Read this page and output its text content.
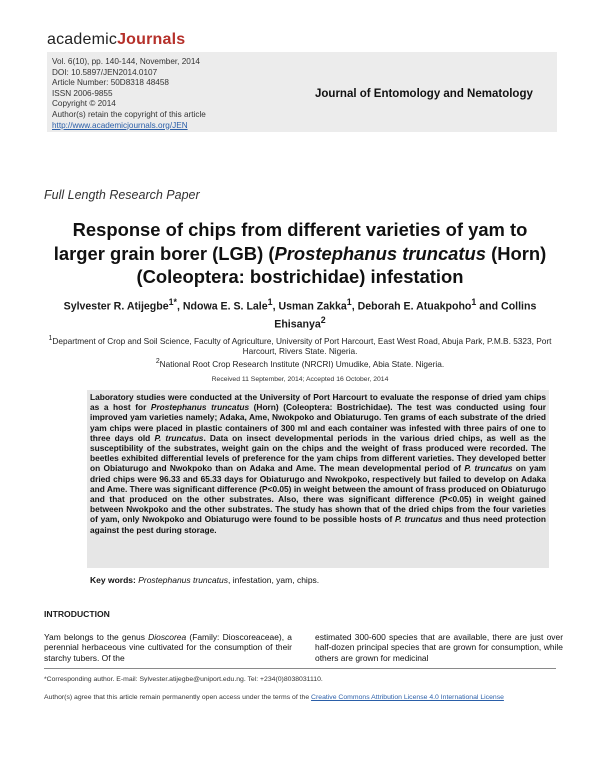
academicJournals
Vol. 6(10), pp. 140-144, November, 2014
DOI: 10.5897/JEN2014.0107
Article Number: 50D8318 48458
ISSN 2006-9855
Copyright © 2014
Author(s) retain the copyright of this article
http://www.academicjournals.org/JEN
Journal of Entomology and Nematology
Full Length Research Paper
Response of chips from different varieties of yam to larger grain borer (LGB) (Prostephanus truncatus (Horn) (Coleoptera: bostrichidae) infestation
Sylvester R. Atijegbe$^{1*}$, Ndowa E. S. Lale$^1$, Usman Zakka$^1$, Deborah E. Atuakpoho$^1$ and Collins Ehisanya$^2$
$^1$Department of Crop and Soil Science, Faculty of Agriculture, University of Port Harcourt, East West Road, Abuja Park, P.M.B. 5323, Port Harcourt, Rivers State. Nigeria.
$^2$National Root Crop Research Institute (NRCRI) Umudike, Abia State. Nigeria.
Received 11 September, 2014; Accepted 16 October, 2014
Laboratory studies were conducted at the University of Port Harcourt to evaluate the response of dried yam chips as a host for Prostephanus truncatus (Horn) (Coleoptera: Bostrichidae). The test was conducted using four improved yam varieties namely; Adaka, Ame, Nwokpoko and Obiaturugo. Ten grams of each substrate of the dried yam chips were placed in plastic containers of 300 ml and each container was infested with three pairs of one to three days old P. truncatus. Data on insect developmental periods in the various dried chips, as well as the susceptibility of the substrates, weight gain on the chips and the weight of frass produced were recorded. The beetles exhibited differential levels of preference for the yam chips from different varieties. They developed better on Obiaturugo and Nwokpoko than on Adaka and Ame. The mean developmental period of P. truncatus on yam dried chips were 96.33 and 65.33 days for Obiaturugo and Nwokpoko, respectively but failed to develop on Adaka and Ame. There was significant difference (P<0.05) in weight between the amount of frass produced on Obiaturugo and that produced on the other substrates. Also, there was significant difference (P<0.05) in weight gained between Nwokpoko and the other substrates. The study has shown that of the dried chips from the four varieties of yam, only Nwokpoko and Obiaturugo were found to be possible hosts of P. truncatus and thus need protection against the pest during storage.
Key words: Prostephanus truncatus, infestation, yam, chips.
INTRODUCTION
Yam belongs to the genus Dioscorea (Family: Dioscoreaceae), a perennial herbaceous vine cultivated for the consumption of their starchy tubers. Of the
estimated 300-600 species that are available, there are just over half-dozen principal species that are grown for consumption, while others are grown for medicinal
*Corresponding author. E-mail: Sylvester.atijegbe@uniport.edu.ng. Tel: +234(0)8038031110.
Author(s) agree that this article remain permanently open access under the terms of the Creative Commons Attribution License 4.0 International License
